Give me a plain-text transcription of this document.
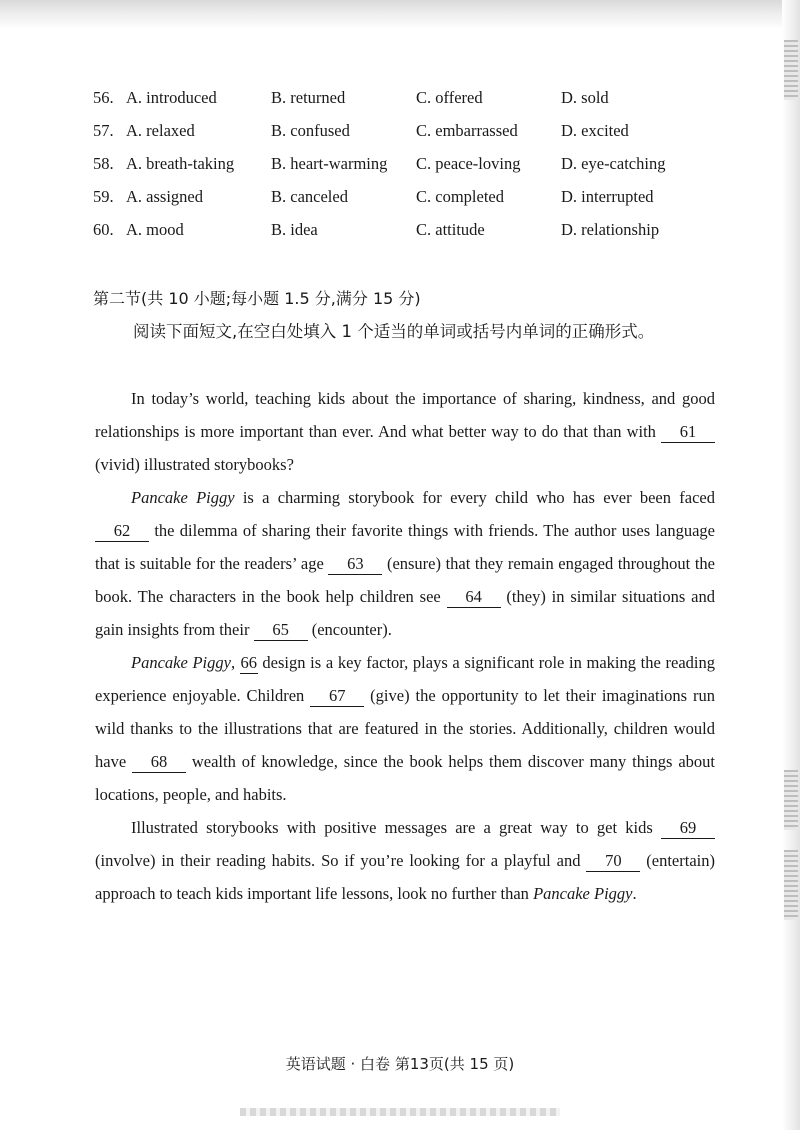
56. A. introduced	B. returned	C. offered	D. sold
57. A. relaxed	B. confused	C. embarrassed	D. excited
58. A. breath-taking B. heart-warming C. peace-loving D. eye-catching
59. A. assigned	B. canceled	C. completed	D. interrupted
60. A. mood	B. idea	C. attitude	D. relationship
第二节(共 10 小题;每小题 1.5 分,满分 15 分)
阅读下面短文,在空白处填入 1 个适当的单词或括号内单词的正确形式。

In today’s world, teaching kids about the importance of sharing, kindness, and good relationships is more important than ever. And what better way to do that than with 61 (vivid) illustrated storybooks?

Pancake Piggy is a charming storybook for every child who has ever been faced 62 the dilemma of sharing their favorite things with friends. The author uses language that is suitable for the readers’ age 63 (ensure) that they remain engaged throughout the book. The characters in the book help children see 64 (they) in similar situations and gain insights from their 65 (encounter).

Pancake Piggy, 66 design is a key factor, plays a significant role in making the reading experience enjoyable. Children 67 (give) the opportunity to let their imaginations run wild thanks to the illustrations that are featured in the stories. Additionally, children would have 68 wealth of knowledge, since the book helps them discover many things about locations, people, and habits.

Illustrated storybooks with positive messages are a great way to get kids 69 (involve) in their reading habits. So if you’re looking for a playful and 70 (entertain) approach to teach kids important life lessons, look no further than Pancake Piggy.

英语试题 · 白卷 第13页(共 15 页)
